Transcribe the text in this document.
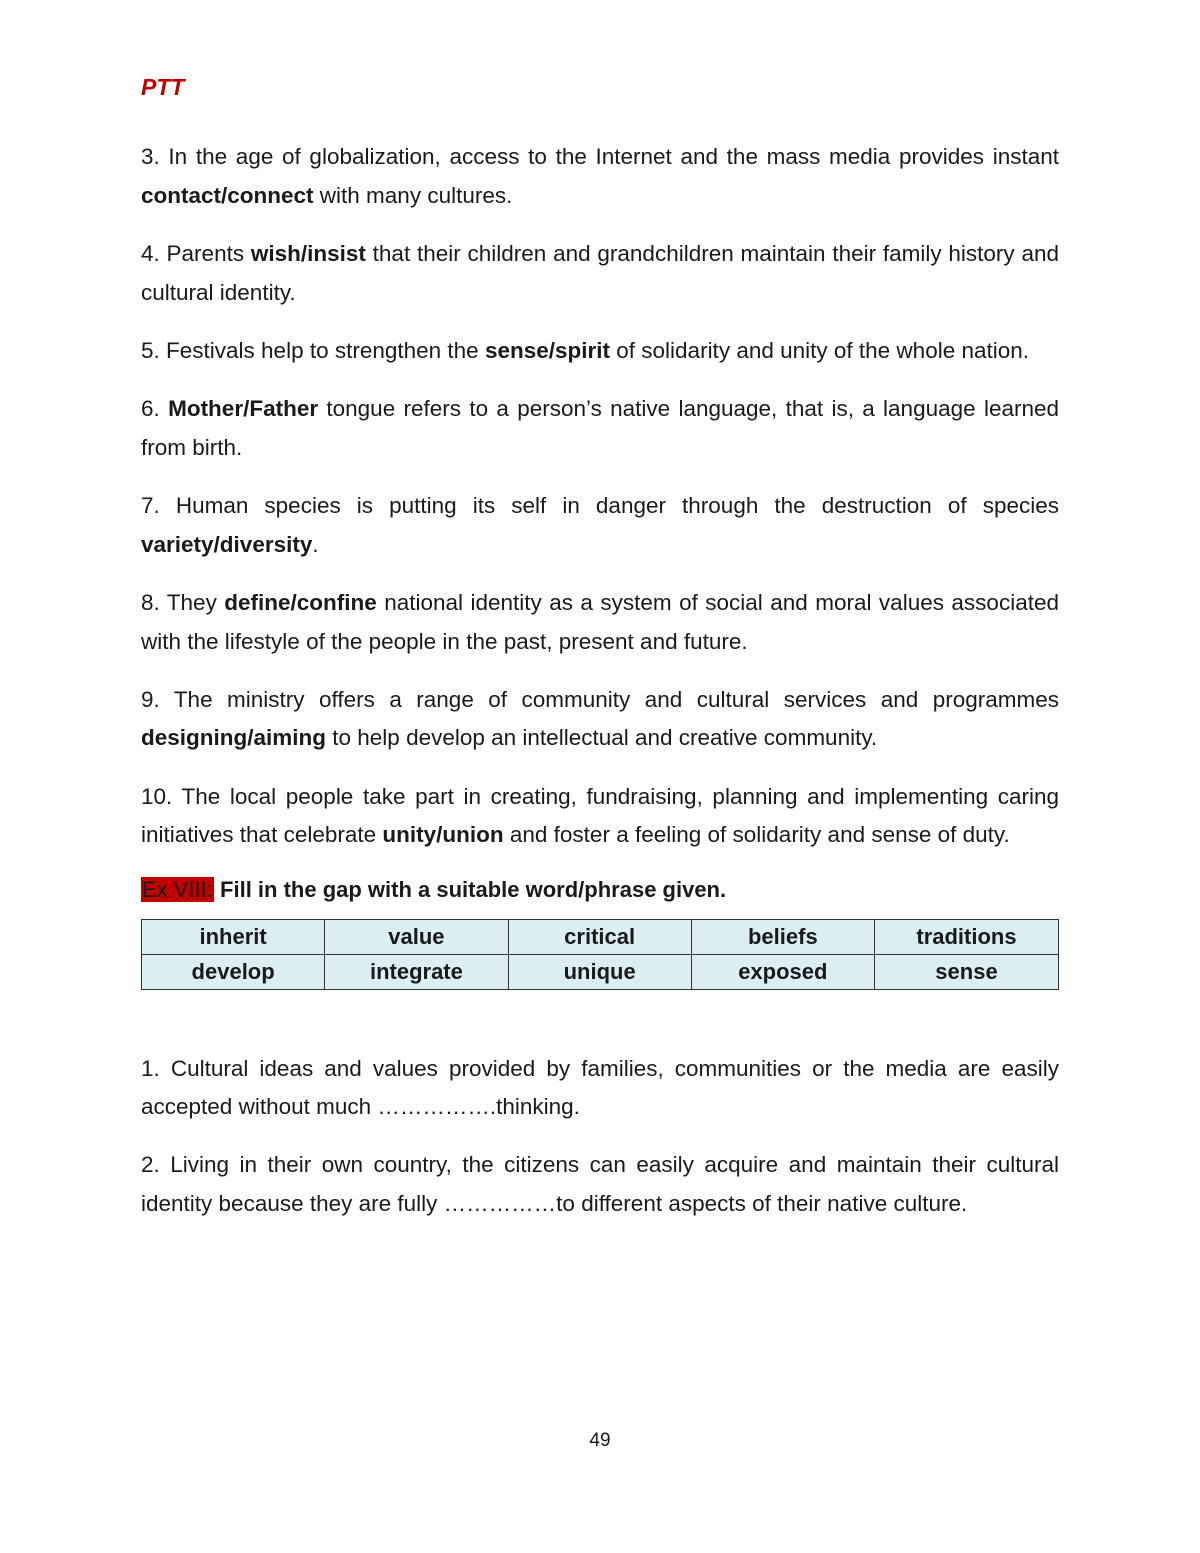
PTT

3. In the age of globalization, access to the Internet and the mass media provides instant contact/connect with many cultures.

4. Parents wish/insist that their children and grandchildren maintain their family history and cultural identity.

5. Festivals help to strengthen the sense/spirit of solidarity and unity of the whole nation.

6. Mother/Father tongue refers to a person’s native language, that is, a language learned from birth.

7. Human species is putting its self in danger through the destruction of species variety/diversity.

8. They define/confine national identity as a system of social and moral values associated with the lifestyle of the people in the past, present and future.

9. The ministry offers a range of community and cultural services and programmes designing/aiming to help develop an intellectual and creative community.

10. The local people take part in creating, fundraising, planning and implementing caring initiatives that celebrate unity/union and foster a feeling of solidarity and sense of duty.

Ex VIII: Fill in the gap with a suitable word/phrase given.
inherit	value	critical	beliefs	traditions
develop	integrate	unique	exposed	sense

1. Cultural ideas and values provided by families, communities or the media are easily accepted without much …………….thinking.

2. Living in their own country, the citizens can easily acquire and maintain their cultural identity because they are fully ……………to different aspects of their native culture.

49
